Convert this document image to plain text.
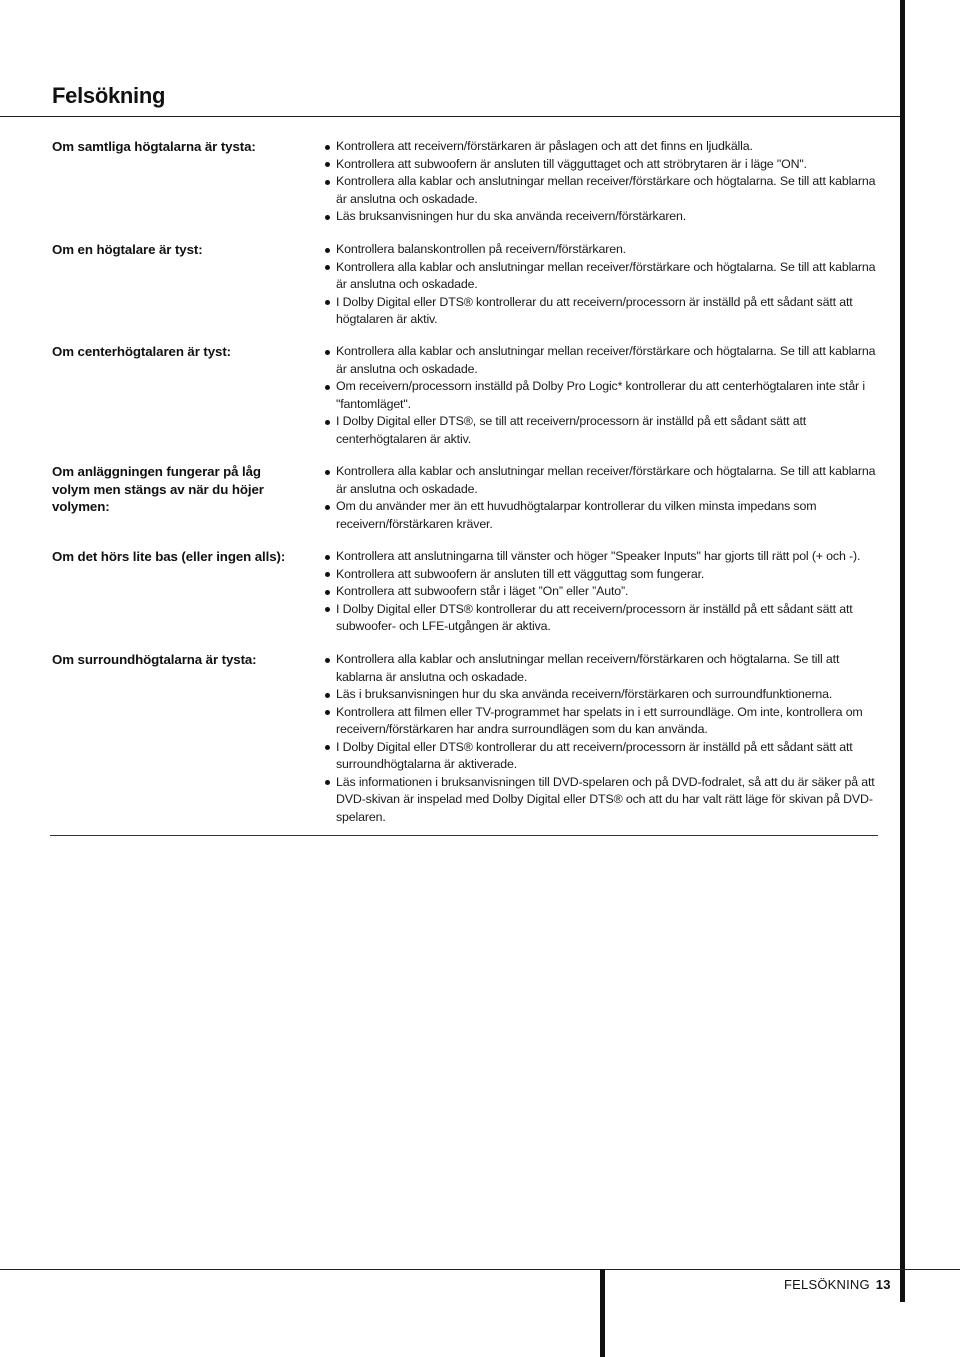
Felsökning
Om samtliga högtalarna är tysta:	Kontrollera att receivern/förstärkaren är påslagen och att det finns en ljudkälla.
Kontrollera att subwoofern är ansluten till vägguttaget och att ströbrytaren är i läge "ON".
Kontrollera alla kablar och anslutningar mellan receiver/förstärkare och högtalarna. Se till att kablarna är anslutna och oskadade.
Läs bruksanvisningen hur du ska använda receivern/förstärkaren.
Om en högtalare är tyst:	Kontrollera balanskontrollen på receivern/förstärkaren.
Kontrollera alla kablar och anslutningar mellan receiver/förstärkare och högtalarna. Se till att kablarna är anslutna och oskadade.
I Dolby Digital eller DTS® kontrollerar du att receivern/processorn är inställd på ett sådant sätt att högtalaren är aktiv.
Om centerhögtalaren är tyst:	Kontrollera alla kablar och anslutningar mellan receiver/förstärkare och högtalarna. Se till att kablarna är anslutna och oskadade.
Om receivern/processorn inställd på Dolby Pro Logic* kontrollerar du att centerhögtalaren inte står i "fantomläget".
I Dolby Digital eller DTS®, se till att receivern/processorn är inställd på ett sådant sätt att centerhögtalaren är aktiv.
Om anläggningen fungerar på låg volym men stängs av när du höjer volymen:
Kontrollera alla kablar och anslutningar mellan receiver/förstärkare och högtalarna. Se till att kablarna är anslutna och oskadade.
Om du använder mer än ett huvudhögtalarpar kontrollerar du vilken minsta impedans som receivern/förstärkaren kräver.
Om det hörs lite bas (eller ingen alls):	Kontrollera att anslutningarna till vänster och höger "Speaker Inputs" har gjorts till rätt pol (+ och -).
Kontrollera att subwoofern är ansluten till ett vägguttag som fungerar.
Kontrollera att subwoofern står i läget ”On” eller ”Auto”.
I Dolby Digital eller DTS® kontrollerar du att receivern/processorn är inställd på ett sådant sätt att subwoofer- och LFE-utgången är aktiva.
Om surroundhögtalarna är tysta:	Kontrollera alla kablar och anslutningar mellan receivern/förstärkaren och högtalarna. Se till att kablarna är anslutna och oskadade.
Läs i bruksanvisningen hur du ska använda receivern/förstärkaren och surroundfunktionerna.
Kontrollera att filmen eller TV-programmet har spelats in i ett surroundläge. Om inte, kontrollera om receivern/förstärkaren har andra surroundlägen som du kan använda.
I Dolby Digital eller DTS® kontrollerar du att receivern/processorn är inställd på ett sådant sätt att surroundhögtalarna är aktiverade.
Läs informationen i bruksanvisningen till DVD-spelaren och på DVD-fodralet, så att du är säker på att DVD-skivan är inspelad med Dolby Digital eller DTS® och att du har valt rätt läge för skivan på DVD-spelaren.
FELSÖKNING 13
